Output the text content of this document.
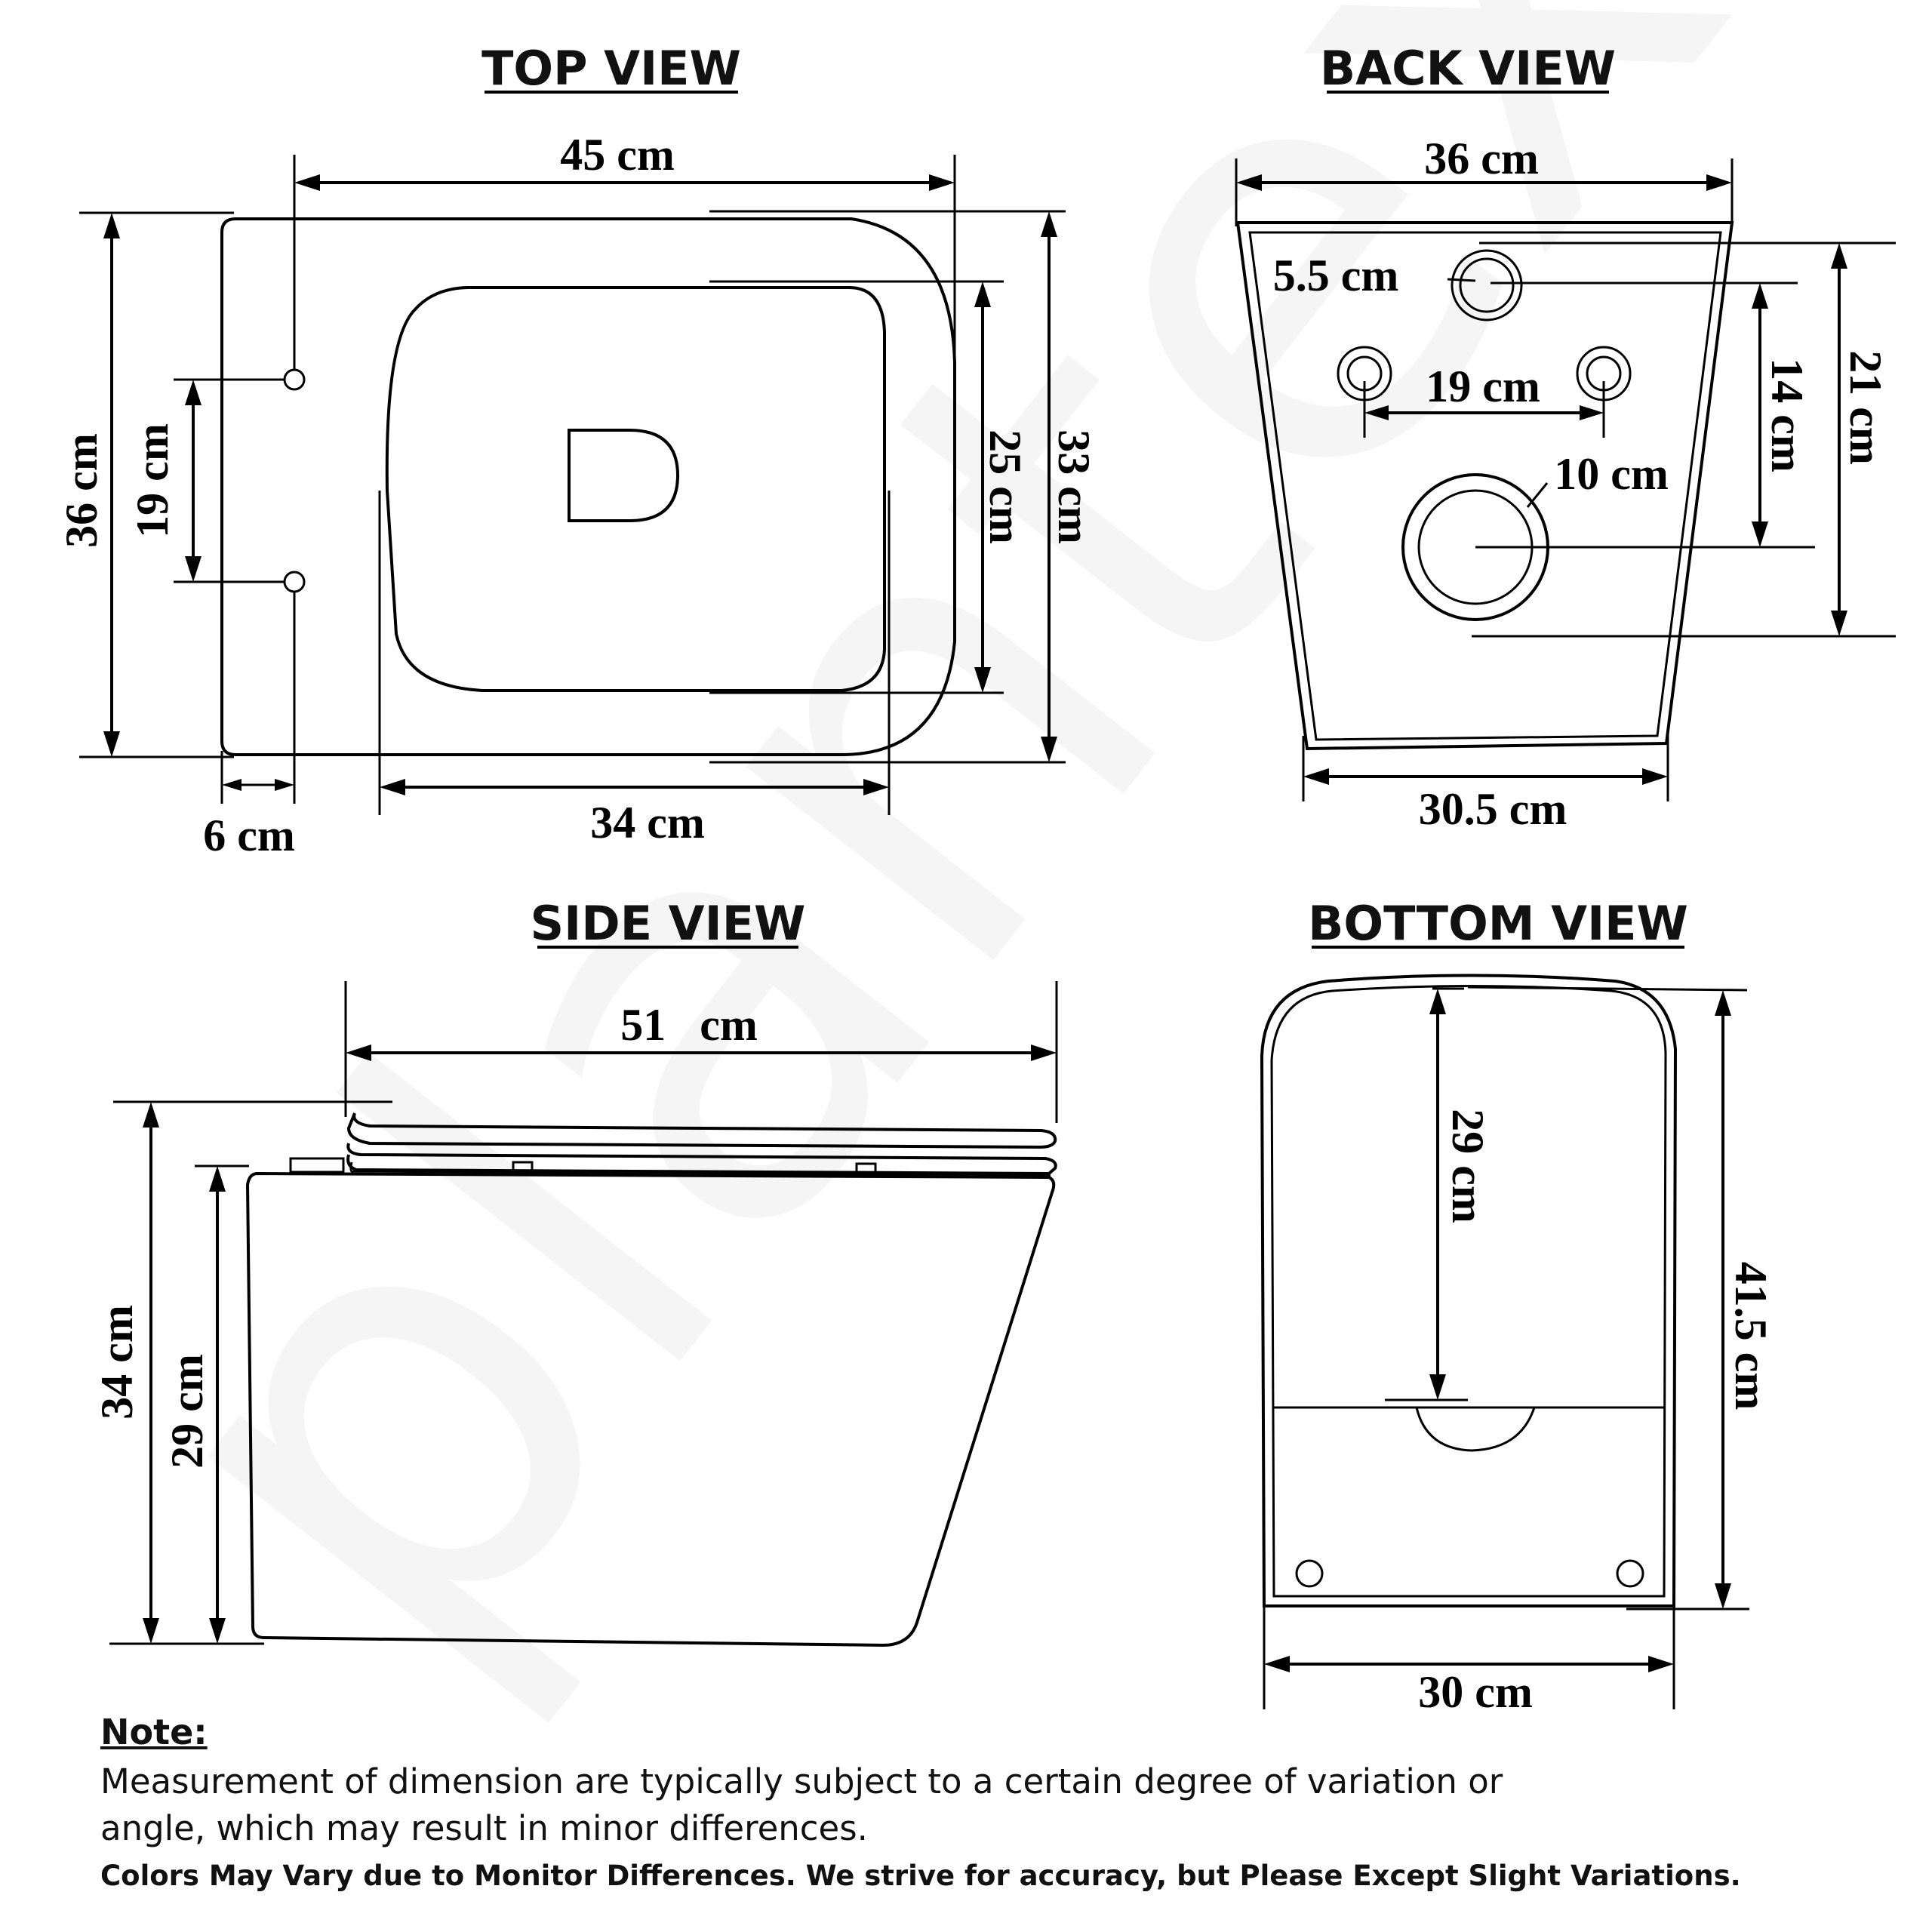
TOP VIEW
45 cm
36 cm 19 cm	25 cm 33 cm
34 cm
6 cm
BACK VIEW
36 cm
5.5 cm
19 cm
10 cm
14 cm 21 cm
30.5 cm
SIDE VIEW
51   cm
34 cm 29 cm
BOTTOM VIEW
29 cm
41.5 cm
30 cm
Note:
Measurement of dimension are typically subject to a certain degree of variation or angle, which may result in minor differences.
Colors May Vary due to Monitor Differences. We strive for accuracy, but Please Except Slight Variations.
